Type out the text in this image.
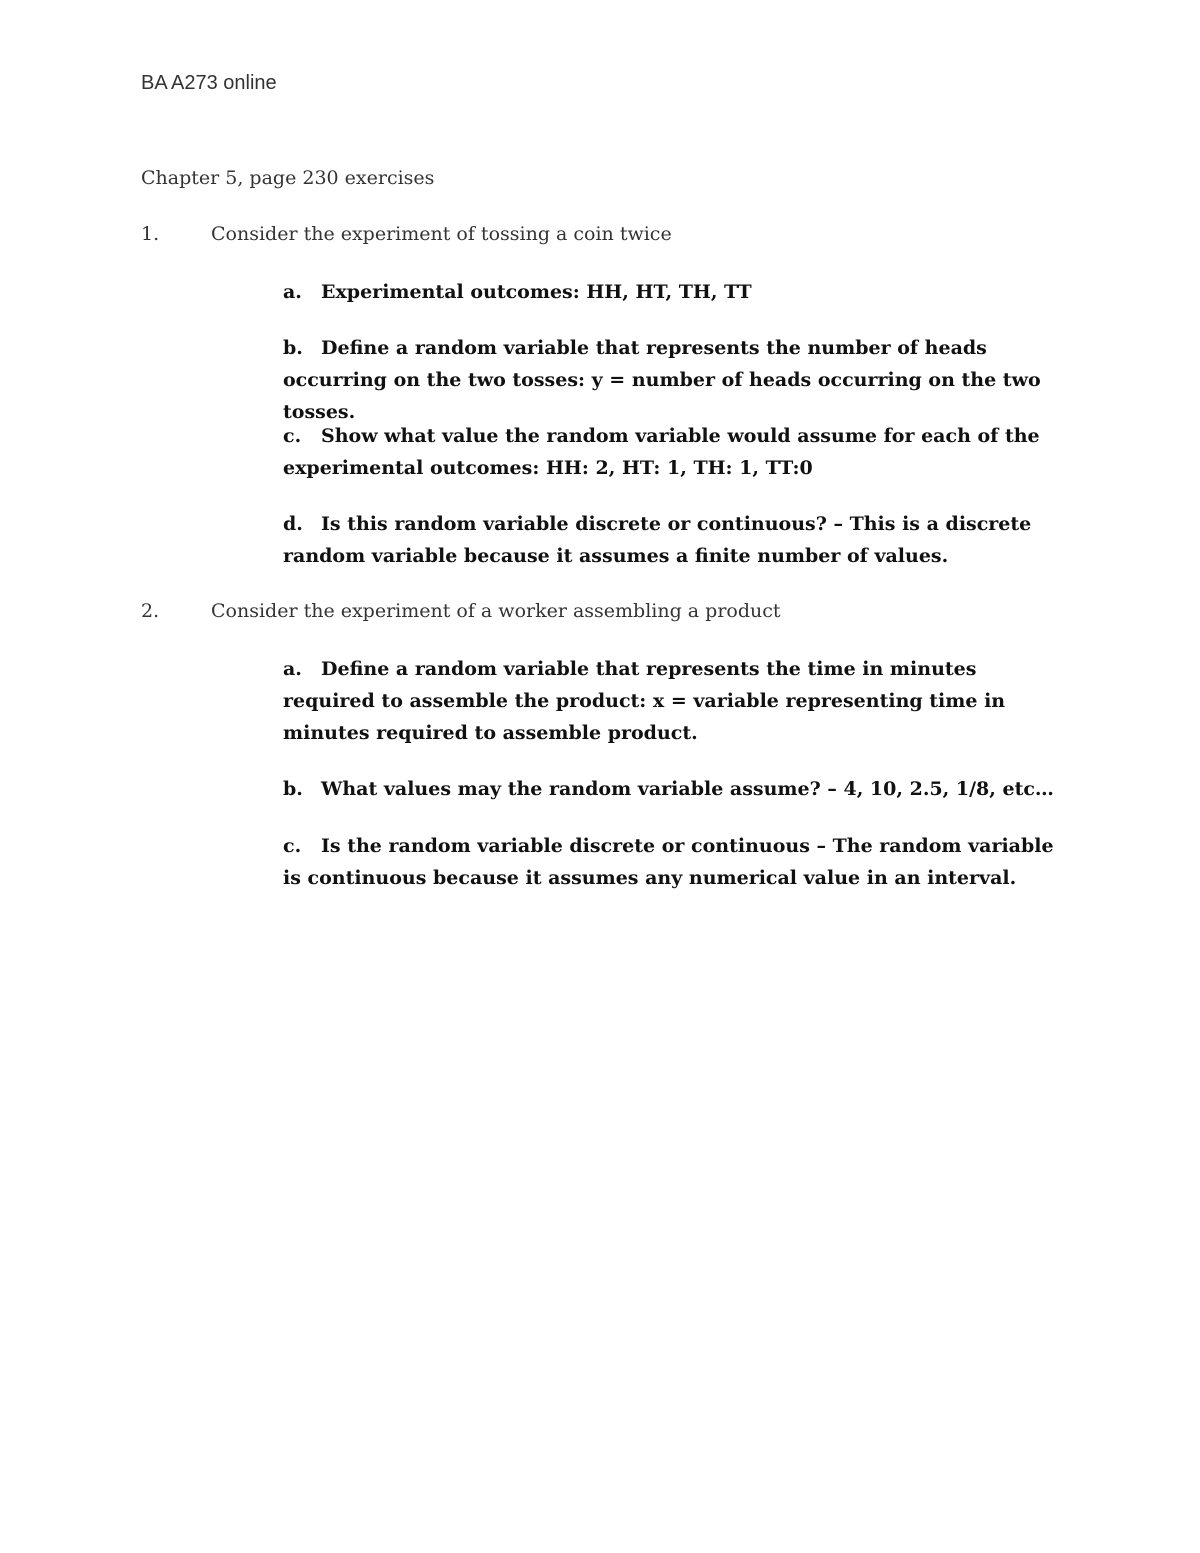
BA A273 online
Chapter 5, page 230 exercises
1.	Consider the experiment of tossing a coin twice
a. Experimental outcomes: HH, HT, TH, TT
b. Define a random variable that represents the number of heads occurring on the two tosses: y = number of heads occurring on the two tosses.
c. Show what value the random variable would assume for each of the experimental outcomes: HH: 2, HT: 1, TH: 1, TT:0
d. Is this random variable discrete or continuous? – This is a discrete random variable because it assumes a finite number of values.
2.	Consider the experiment of a worker assembling a product
a. Define a random variable that represents the time in minutes required to assemble the product: x = variable representing time in minutes required to assemble product.
b. What values may the random variable assume? – 4, 10, 2.5, 1/8, etc…
c. Is the random variable discrete or continuous – The random variable is continuous because it assumes any numerical value in an interval.
